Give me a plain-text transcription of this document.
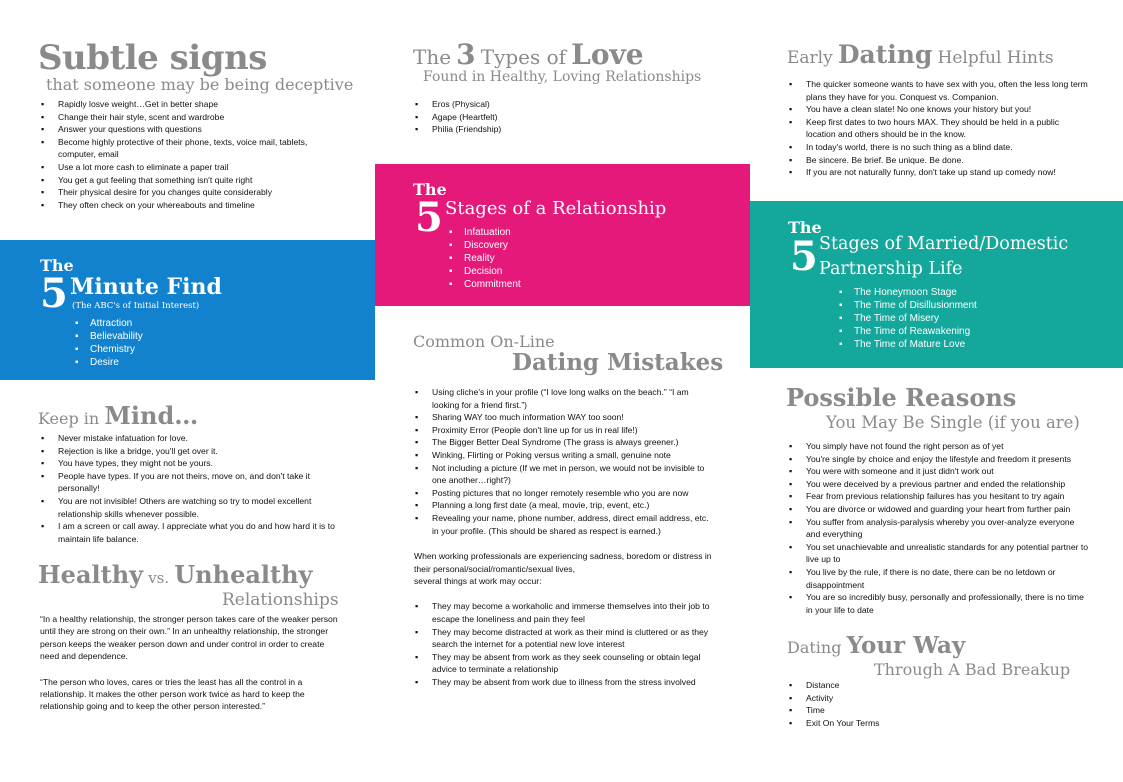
Subtle signs
that someone may be being deceptive
▪ Rapidly losve weight…Get in better shape
▪ Change their hair style, scent and wardrobe
▪ Answer your questions with questions
▪ Become highly protective of their phone, texts, voice mail, tablets, computer, email
▪ Use a lot more cash to eliminate a paper trail
▪ You get a gut feeling that something isn't quite right
▪ Their physical desire for you changes quite considerably
▪ They often check on your whereabouts and timeline
The
5 Minute Find
(The ABC's of Initial Interest)
▪ Attraction
▪ Believability
▪ Chemistry
▪ Desire
Keep in Mind…
▪ Never mistake infatuation for love.
▪ Rejection is like a bridge, you'll get over it.
▪ You have types, they might not be yours.
▪ People have types. If you are not theirs, move on, and don't take it personally!
▪ You are not invisible! Others are watching so try to model excellent relationship skills whenever possible.
▪ I am a screen or call away. I appreciate what you do and how hard it is to maintain life balance.
Healthy vs. Unhealthy
Relationships

“In a healthy relationship, the stronger person takes care of the weaker person until they are strong on their own.” In an unhealthy relationship, the stronger person keeps the weaker person down and under control in order to create need and dependence.

“The person who loves, cares or tries the least has all the control in a relationship. It makes the other person work twice as hard to keep the relationship going and to keep the other person interested.”

The 3 Types of Love
Found in Healthy, Loving Relationships
▪ Eros (Physical)
▪ Agape (Heartfelt)
▪ Philia (Friendship)
The
5 Stages of a Relationship
▪ Infatuation
▪ Discovery
▪ Reality
▪ Decision
▪ Commitment
Common On-Line
Dating Mistakes
▪ Using cliche's in your profile (“I love long walks on the beach.” “I am looking for a friend first.”)
▪ Sharing WAY too much information WAY too soon!
▪ Proximity Error (People don't line up for us in real life!)
▪ The Bigger Better Deal Syndrome (The grass is always greener.)
▪ Winking, Flirting or Poking versus writing a small, genuine note
▪ Not including a picture (If we met in person, we would not be invisible to one another…right?)
▪ Posting pictures that no longer remotely resemble who you are now
▪ Planning a long first date (a meal, movie, trip, event, etc.)
▪ Revealing your name, phone number, address, direct email address, etc. in your profile. (This should be shared as respect is earned.)

When working professionals are experiencing sadness, boredom or distress in their personal/social/romantic/sexual lives,

several things at work may occur:

▪ They may become a workaholic and immerse themselves into their job to escape the loneliness and pain they feel
▪ They may become distracted at work as their mind is cluttered or as they search the internet for a potential new love interest
▪ They may be absent from work as they seek counseling or obtain legal advice to terminate a relationship
▪ They may be absent from work due to illness from the stress involved
Early Dating Helpful Hints
▪ The quicker someone wants to have sex with you, often the less long term plans they have for you. Conquest vs. Companion.
▪ You have a clean slate! No one knows your history but you!
▪ Keep first dates to two hours MAX. They should be held in a public location and others should be in the know.
▪ In today's world, there is no such thing as a blind date.
▪ Be sincere. Be brief. Be unique. Be done.
▪ If you are not naturally funny, don't take up stand up comedy now!
The
5 Stages of Married/Domestic
Partnership Life
▪ The Honeymoon Stage
▪ The Time of Disillusionment
▪ The Time of Misery
▪ The Time of Reawakening
▪ The Time of Mature Love
Possible Reasons
You May Be Single (if you are)
▪ You simply have not found the right person as of yet
▪ You're single by choice and enjoy the lifestyle and freedom it presents
▪ You were with someone and it just didn't work out
▪ You were deceived by a previous partner and ended the relationship
▪ Fear from previous relationship failures has you hesitant to try again
▪ You are divorce or widowed and guarding your heart from further pain
▪ You suffer from analysis-paralysis whereby you over-analyze everyone and everything
▪ You set unachievable and unrealistic standards for any potential partner to live up to
▪ You live by the rule, if there is no date, there can be no letdown or disappointment
▪ You are so incredibly busy, personally and professionally, there is no time in your life to date
Dating Your Way
Through A Bad Breakup
▪ Distance
▪ Activity
▪ Time
▪ Exit On Your Terms
